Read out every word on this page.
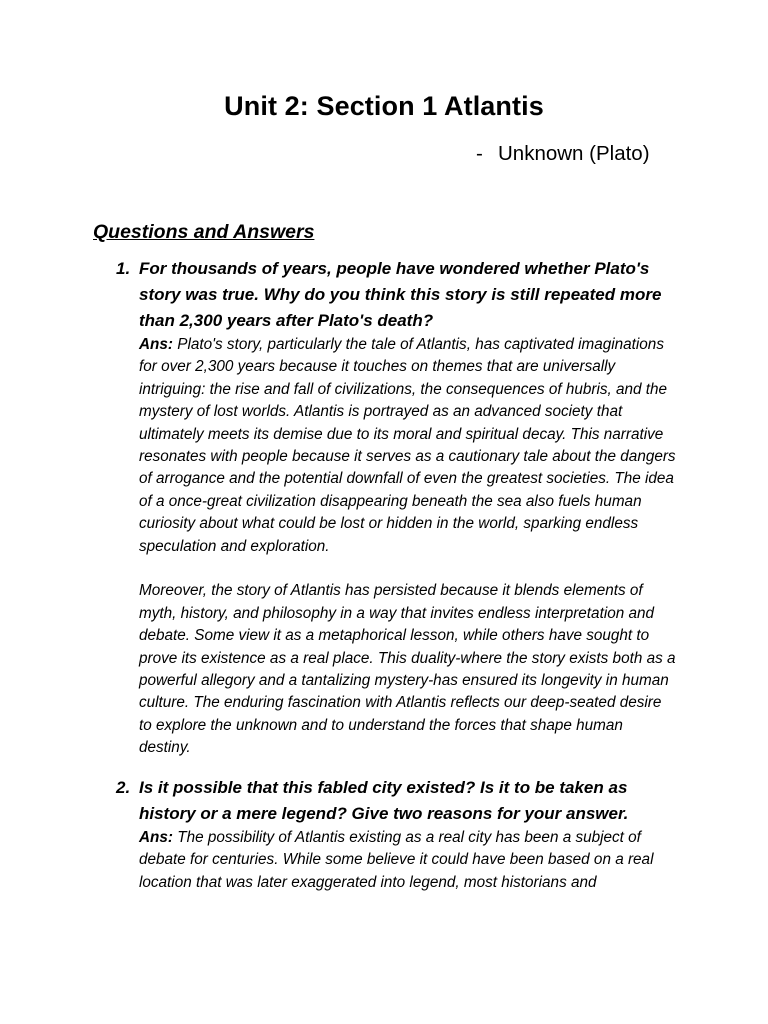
Unit 2: Section 1 Atlantis
- Unknown (Plato)
Questions and Answers
1. For thousands of years, people have wondered whether Plato's story was true. Why do you think this story is still repeated more than 2,300 years after Plato's death?

Ans: Plato's story, particularly the tale of Atlantis, has captivated imaginations for over 2,300 years because it touches on themes that are universally intriguing: the rise and fall of civilizations, the consequences of hubris, and the mystery of lost worlds. Atlantis is portrayed as an advanced society that ultimately meets its demise due to its moral and spiritual decay. This narrative resonates with people because it serves as a cautionary tale about the dangers of arrogance and the potential downfall of even the greatest societies. The idea of a once-great civilization disappearing beneath the sea also fuels human curiosity about what could be lost or hidden in the world, sparking endless speculation and exploration.

Moreover, the story of Atlantis has persisted because it blends elements of myth, history, and philosophy in a way that invites endless interpretation and debate. Some view it as a metaphorical lesson, while others have sought to prove its existence as a real place. This duality-where the story exists both as a powerful allegory and a tantalizing mystery-has ensured its longevity in human culture. The enduring fascination with Atlantis reflects our deep-seated desire to explore the unknown and to understand the forces that shape human destiny.

2. Is it possible that this fabled city existed? Is it to be taken as history or a mere legend? Give two reasons for your answer.

Ans: The possibility of Atlantis existing as a real city has been a subject of debate for centuries. While some believe it could have been based on a real location that was later exaggerated into legend, most historians and
